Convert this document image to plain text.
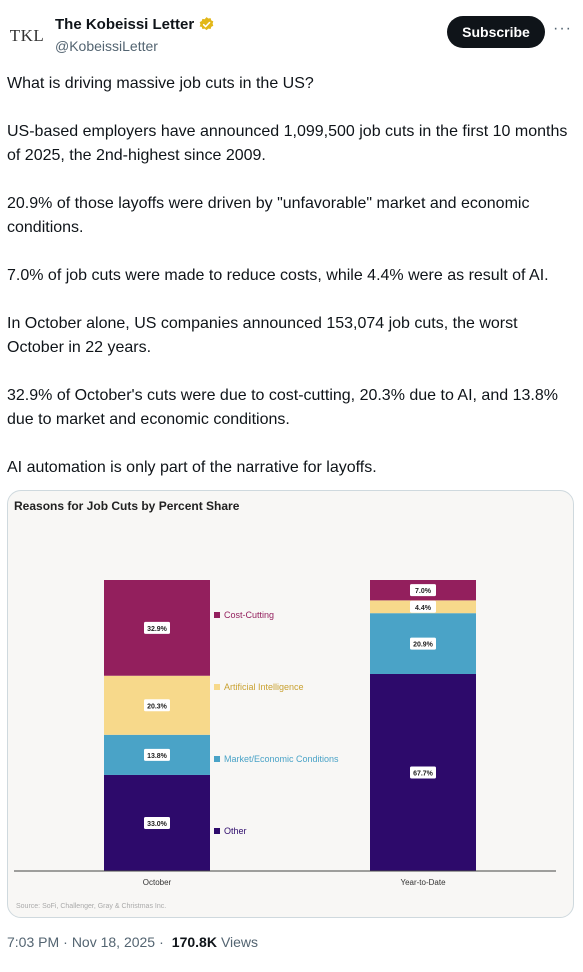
TKL
The Kobeissi Letter
@KobeissiLetter
Subscribe	···

What is driving massive job cuts in the US?

US-based employers have announced 1,099,500 job cuts in the first 10 months of 2025, the 2nd-highest since 2009.

20.9% of those layoffs were driven by "unfavorable" market and economic conditions.

7.0% of job cuts were made to reduce costs, while 4.4% were as result of AI.

In October alone, US companies announced 153,074 job cuts, the worst October in 22 years.

32.9% of October's cuts were due to cost-cutting, 20.3% due to AI, and 13.8% due to market and economic conditions.

AI automation is only part of the narrative for layoffs.

Reasons for Job Cuts by Percent Share
33.0%
13.8%
20.3%
32.9%
October
67.7%
20.9%
4.4%
7.0%
Year-to-Date
Cost-Cutting
Artificial Intelligence
Market/Economic Conditions
Other
Source: SoFi, Challenger, Gray & Christmas Inc.
7:03 PM · Nov 18, 2025 · 170.8K Views
